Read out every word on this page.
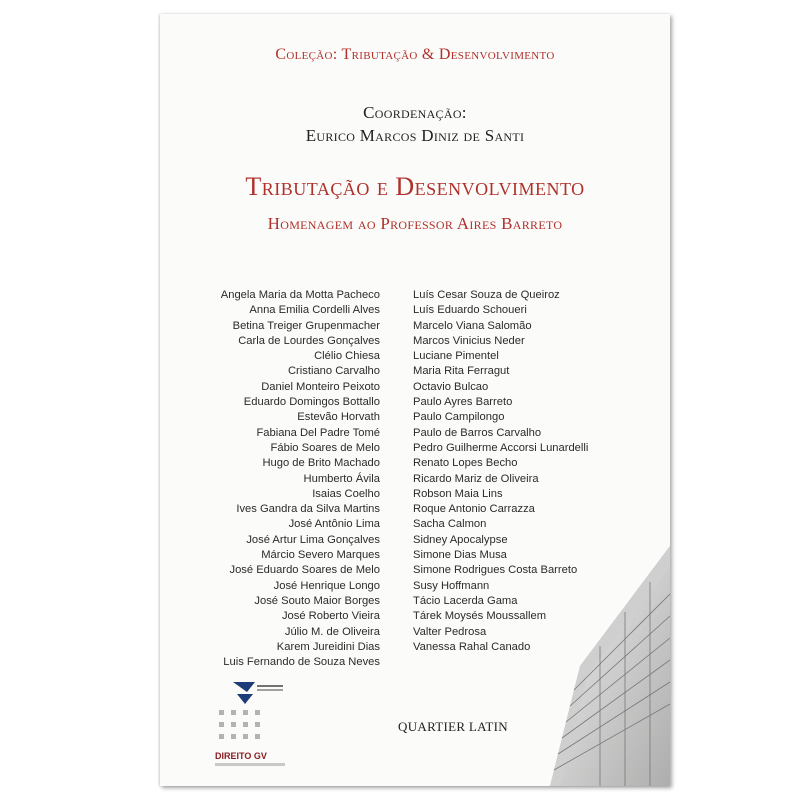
Coleção: Tributação & Desenvolvimento
Coordenação:
Eurico Marcos Diniz de Santi
Tributação e Desenvolvimento
Homenagem ao Professor Aires Barreto
Angela Maria da Motta Pacheco
Anna Emilia Cordelli Alves
Betina Treiger Grupenmacher
Carla de Lourdes Gonçalves
Clélio Chiesa
Cristiano Carvalho
Daniel Monteiro Peixoto
Eduardo Domingos Bottallo
Estevão Horvath
Fabiana Del Padre Tomé
Fábio Soares de Melo
Hugo de Brito Machado
Humberto Ávila
Isaias Coelho
Ives Gandra da Silva Martins
José Antônio Lima
José Artur Lima Gonçalves
Márcio Severo Marques
José Eduardo Soares de Melo
José Henrique Longo
José Souto Maior Borges
José Roberto Vieira
Júlio M. de Oliveira
Karem Jureidini Dias
Luis Fernando de Souza Neves
Luís Cesar Souza de Queiroz
Luís Eduardo Schoueri
Marcelo Viana Salomão
Marcos Vinicius Neder
Luciane Pimentel
Maria Rita Ferragut
Octavio Bulcao
Paulo Ayres Barreto
Paulo Campilongo
Paulo de Barros Carvalho
Pedro Guilherme Accorsi Lunardelli
Renato Lopes Becho
Ricardo Mariz de Oliveira
Robson Maia Lins
Roque Antonio Carrazza
Sacha Calmon
Sidney Apocalypse
Simone Dias Musa
Simone Rodrigues Costa Barreto
Susy Hoffmann
Tácio Lacerda Gama
Tárek Moysés Moussallem
Valter Pedrosa
Vanessa Rahal Canado
DIREITO GV
QUARTIER LATIN
